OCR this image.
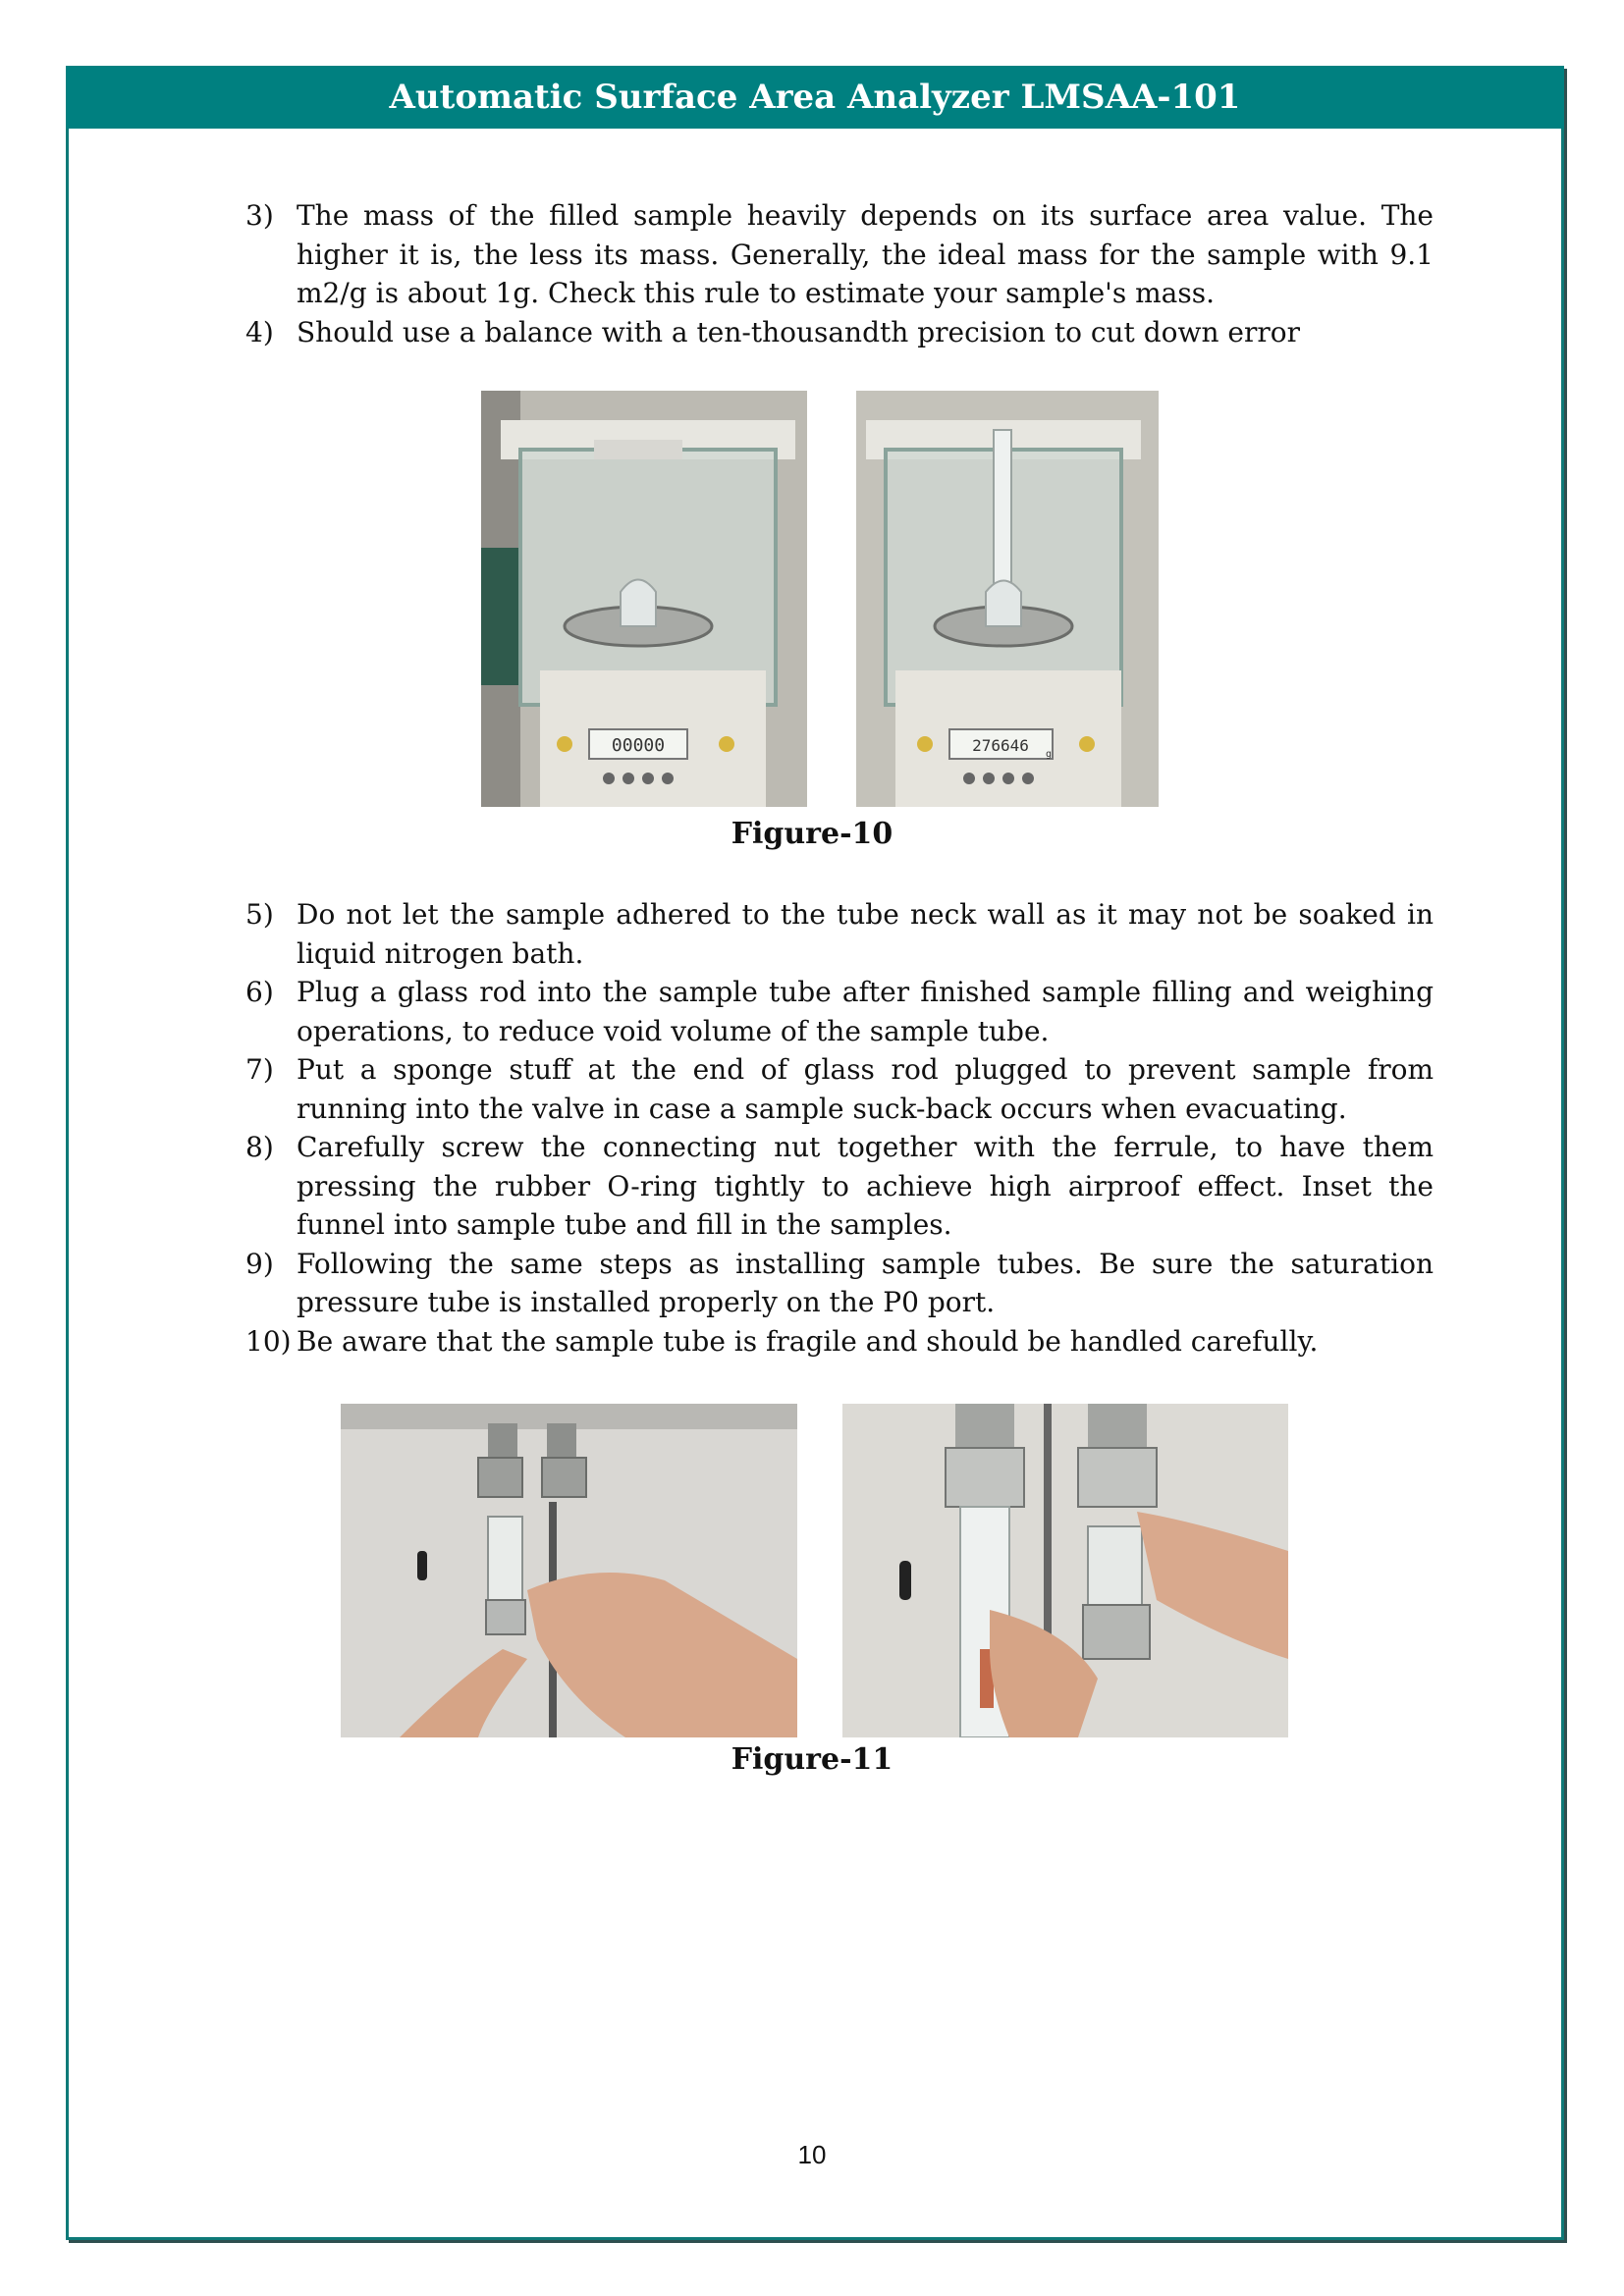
Automatic Surface Area Analyzer LMSAA-101
3) The mass of the filled sample heavily depends on its surface area value. The higher it is, the less its mass. Generally, the ideal mass for the sample with 9.1 m2/g is about 1g. Check this rule to estimate your sample's mass.
4) Should use a balance with a ten-thousandth precision to cut down error
00000	276646 g
Figure-10
5) Do not let the sample adhered to the tube neck wall as it may not be soaked in liquid nitrogen bath.
6) Plug a glass rod into the sample tube after finished sample filling and weighing operations, to reduce void volume of the sample tube.
7) Put a sponge stuff at the end of glass rod plugged to prevent sample from running into the valve in case a sample suck-back occurs when evacuating.
8) Carefully screw the connecting nut together with the ferrule, to have them pressing the rubber O-ring tightly to achieve high airproof effect. Inset the funnel into sample tube and fill in the samples.
9) Following the same steps as installing sample tubes. Be sure the saturation pressure tube is installed properly on the P0 port.
10) Be aware that the sample tube is fragile and should be handled carefully.
Figure-11
10
